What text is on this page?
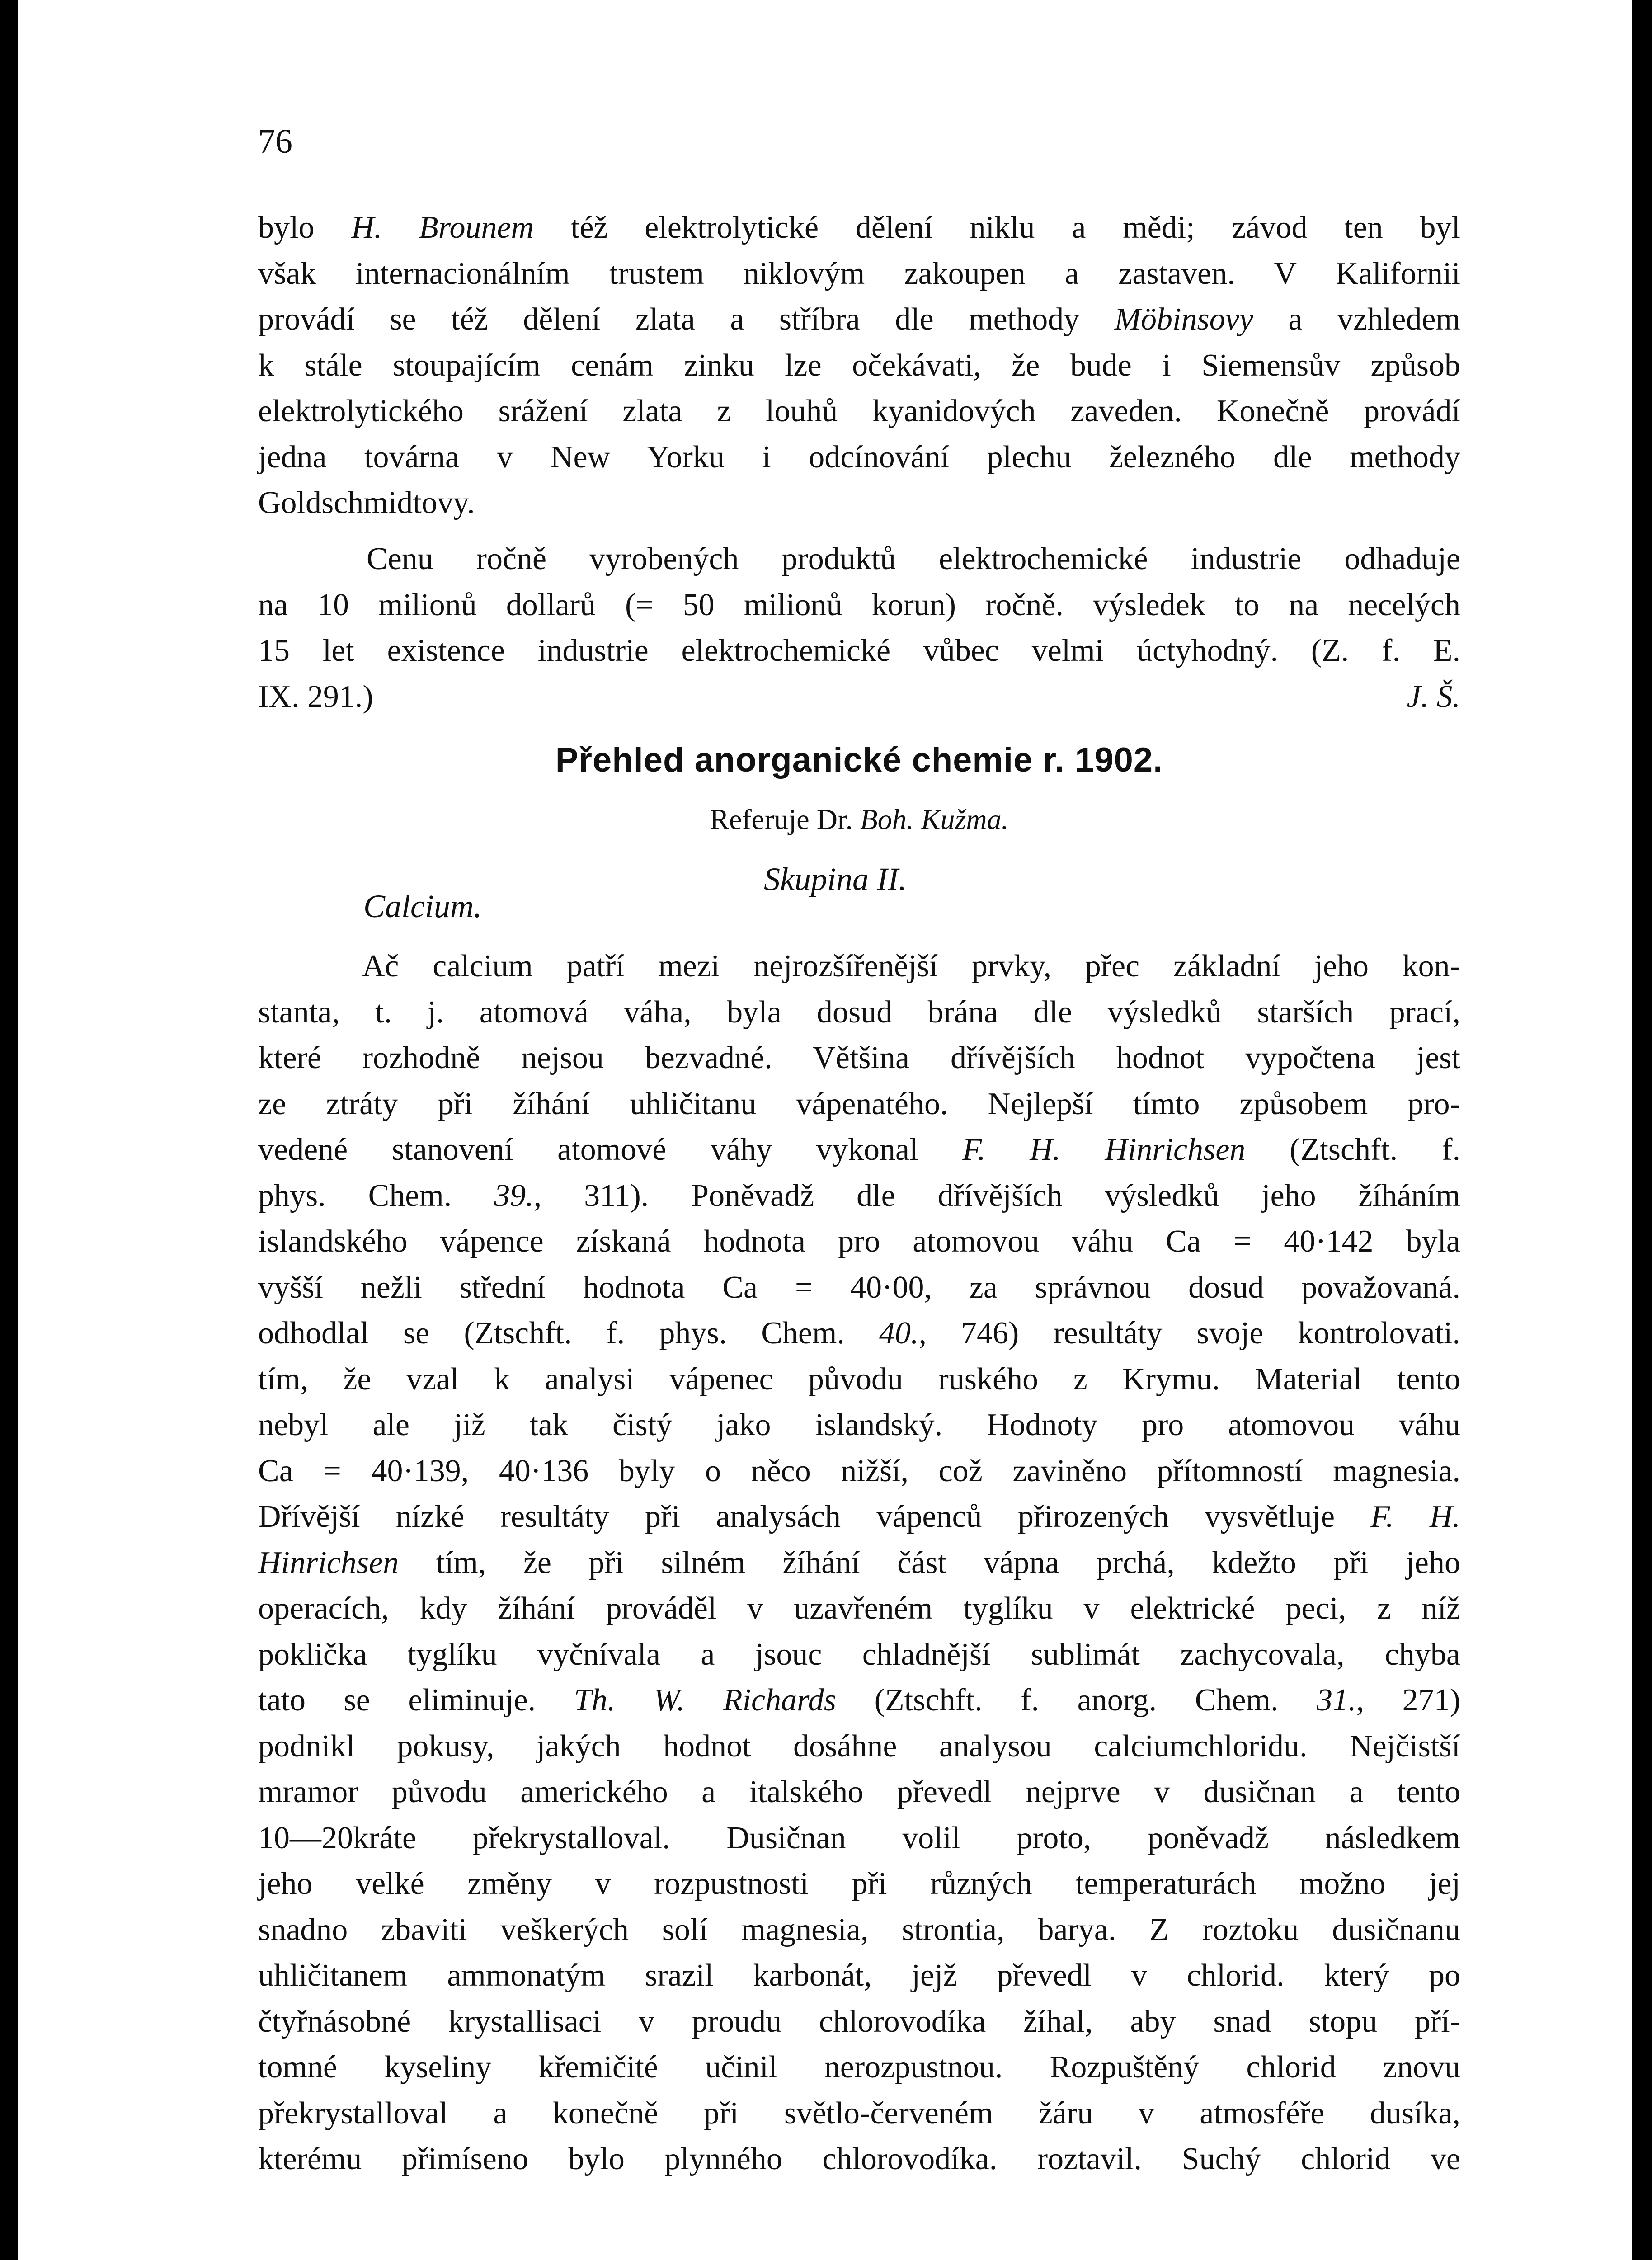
76
bylo H. Brounem též elektrolytické dělení niklu a mědi; závod ten byl
však internacionálním trustem niklovým zakoupen a zastaven. V Kalifornii
provádí se též dělení zlata a stříbra dle methody Möbinsovy a vzhledem
k stále stoupajícím cenám zinku lze očekávati, že bude i Siemensův způsob
elektrolytického srážení zlata z louhů kyanidových zaveden. Konečně provádí
jedna továrna v New Yorku i odcínování plechu železného dle methody
Goldschmidtovy.
Cenu ročně vyrobených produktů elektrochemické industrie odhaduje
na 10 milionů dollarů (= 50 milionů korun) ročně. výsledek to na necelých
15 let existence industrie elektrochemické vůbec velmi úctyhodný. (Z. f. E.
IX. 291.)	J. Š.
Přehled anorganické chemie r. 1902.
Referuje Dr. Boh. Kužma.
Skupina II.
Calcium.
Ač calcium patří mezi nejrozšířenější prvky, přec základní jeho kon-
stanta, t. j. atomová váha, byla dosud brána dle výsledků starších prací,
které rozhodně nejsou bezvadné. Většina dřívějších hodnot vypočtena jest
ze ztráty při žíhání uhličitanu vápenatého. Nejlepší tímto způsobem pro-
vedené stanovení atomové váhy vykonal F. H. Hinrichsen (Ztschft. f.
phys. Chem. 39., 311). Poněvadž dle dřívějších výsledků jeho žíháním
islandského vápence získaná hodnota pro atomovou váhu Ca = 40·142 byla
vyšší nežli střední hodnota Ca = 40·00, za správnou dosud považovaná.
odhodlal se (Ztschft. f. phys. Chem. 40., 746) resultáty svoje kontrolovati.
tím, že vzal k analysi vápenec původu ruského z Krymu. Material tento
nebyl ale již tak čistý jako islandský. Hodnoty pro atomovou váhu
Ca = 40·139, 40·136 byly o něco nižší, což zaviněno přítomností magnesia.
Dřívější nízké resultáty při analysách vápenců přirozených vysvětluje F. H.
Hinrichsen tím, že při silném žíhání část vápna prchá, kdežto při jeho
operacích, kdy žíhání prováděl v uzavřeném tyglíku v elektrické peci, z níž
poklička tyglíku vyčnívala a jsouc chladnější sublimát zachycovala, chyba
tato se eliminuje. Th. W. Richards (Ztschft. f. anorg. Chem. 31., 271)
podnikl pokusy, jakých hodnot dosáhne analysou calciumchloridu. Nejčistší
mramor původu amerického a italského převedl nejprve v dusičnan a tento
10—20kráte překrystalloval. Dusičnan volil proto, poněvadž následkem
jeho velké změny v rozpustnosti při různých temperaturách možno jej
snadno zbaviti veškerých solí magnesia, strontia, barya. Z roztoku dusičnanu
uhličitanem ammonatým srazil karbonát, jejž převedl v chlorid. který po
čtyřnásobné krystallisaci v proudu chlorovodíka žíhal, aby snad stopu pří-
tomné kyseliny křemičité učinil nerozpustnou. Rozpuštěný chlorid znovu
překrystalloval a konečně při světlo-červeném žáru v atmosféře dusíka,
kterému přimíseno bylo plynného chlorovodíka. roztavil. Suchý chlorid ve
